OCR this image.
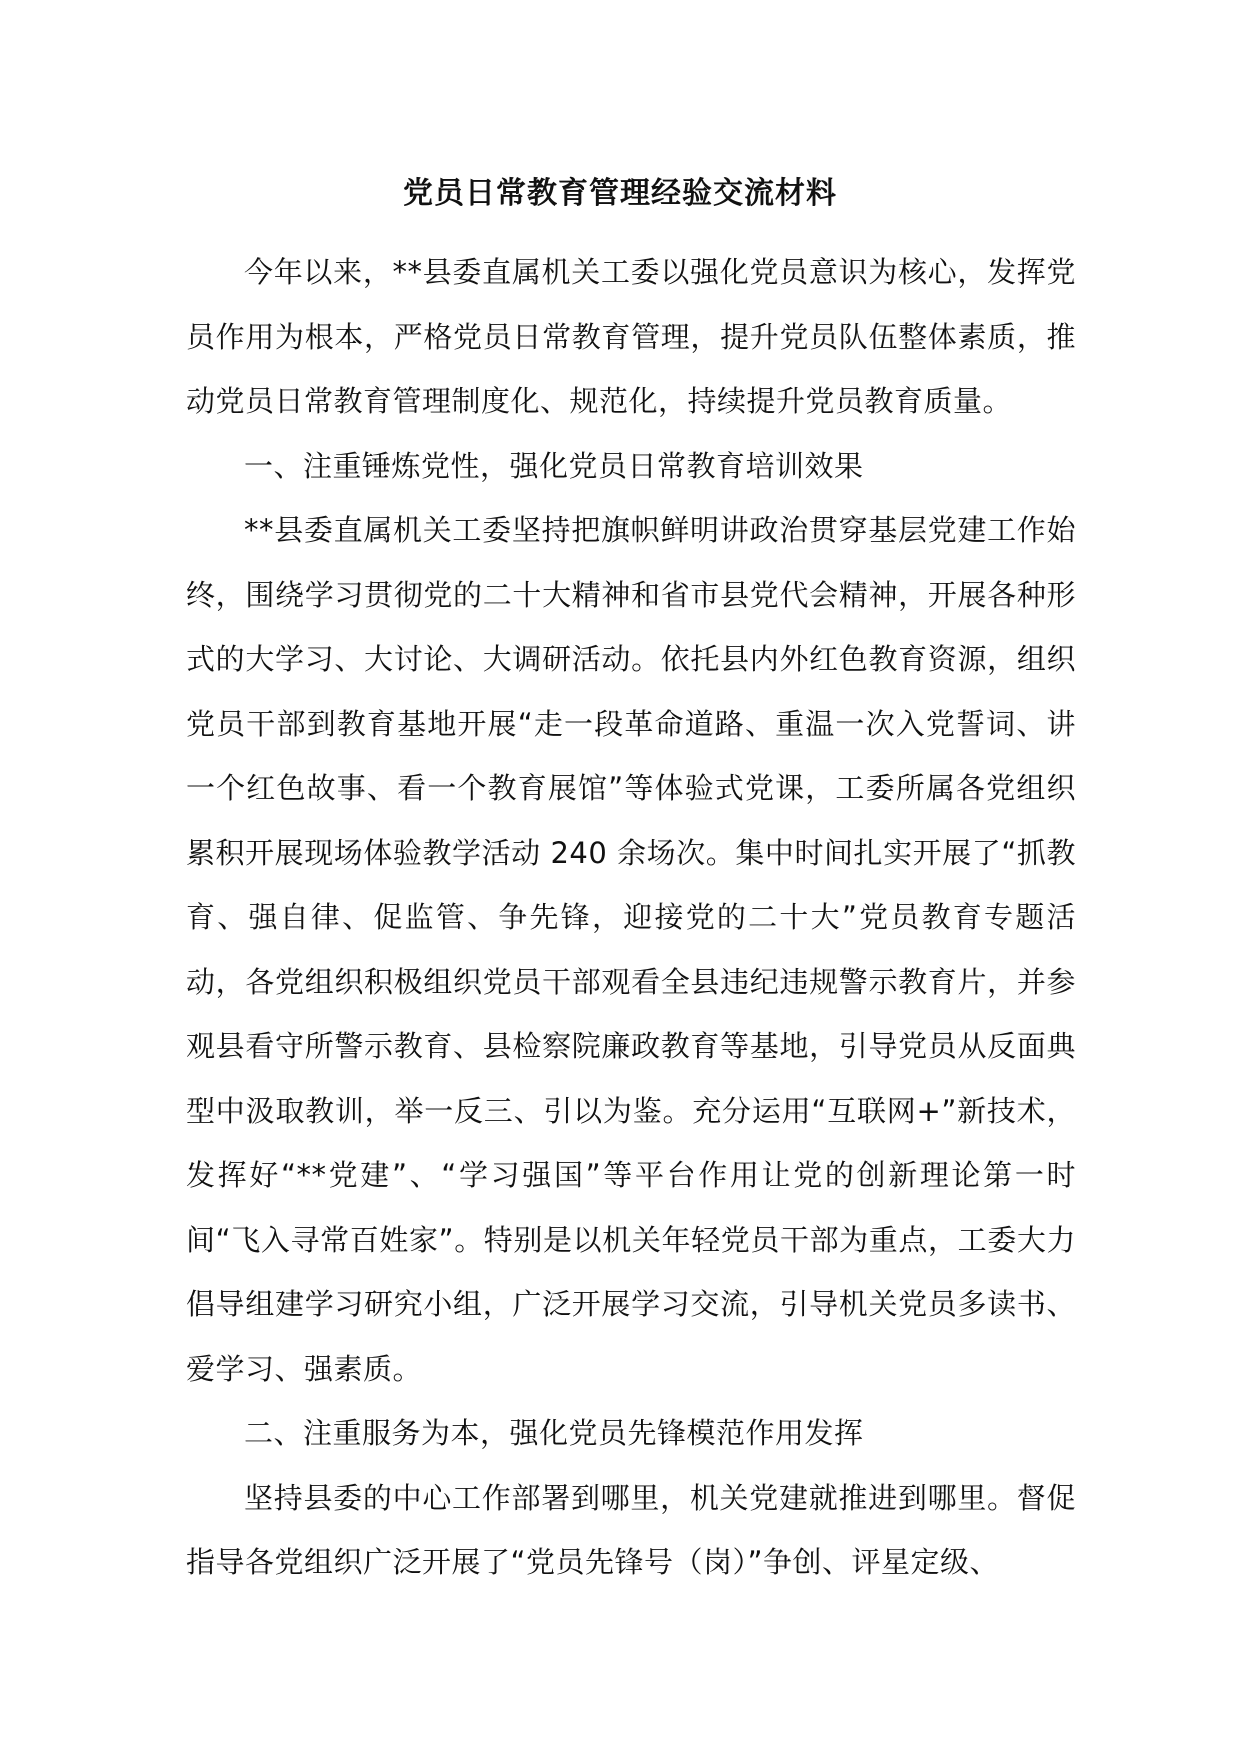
党员日常教育管理经验交流材料

今年以来，**县委直属机关工委以强化党员意识为核心，发挥党员作用为根本，严格党员日常教育管理，提升党员队伍整体素质，推动党员日常教育管理制度化、规范化，持续提升党员教育质量。

一、注重锤炼党性，强化党员日常教育培训效果

**县委直属机关工委坚持把旗帜鲜明讲政治贯穿基层党建工作始终，围绕学习贯彻党的二十大精神和省市县党代会精神，开展各种形式的大学习、大讨论、大调研活动。依托县内外红色教育资源，组织党员干部到教育基地开展“走一段革命道路、重温一次入党誓词、讲一个红色故事、看一个教育展馆”等体验式党课，工委所属各党组织累积开展现场体验教学活动 240 余场次。集中时间扎实开展了“抓教育、强自律、促监管、争先锋，迎接党的二十大”党员教育专题活动，各党组织积极组织党员干部观看全县违纪违规警示教育片，并参观县看守所警示教育、县检察院廉政教育等基地，引导党员从反面典型中汲取教训，举一反三、引以为鉴。充分运用“互联网+”新技术，发挥好“**党建”、“学习强国”等平台作用让党的创新理论第一时间“飞入寻常百姓家”。特别是以机关年轻党员干部为重点，工委大力倡导组建学习研究小组，广泛开展学习交流，引导机关党员多读书、爱学习、强素质。

二、注重服务为本，强化党员先锋模范作用发挥

坚持县委的中心工作部署到哪里，机关党建就推进到哪里。督促指导各党组织广泛开展了“党员先锋号（岗）”争创、评星定级、
